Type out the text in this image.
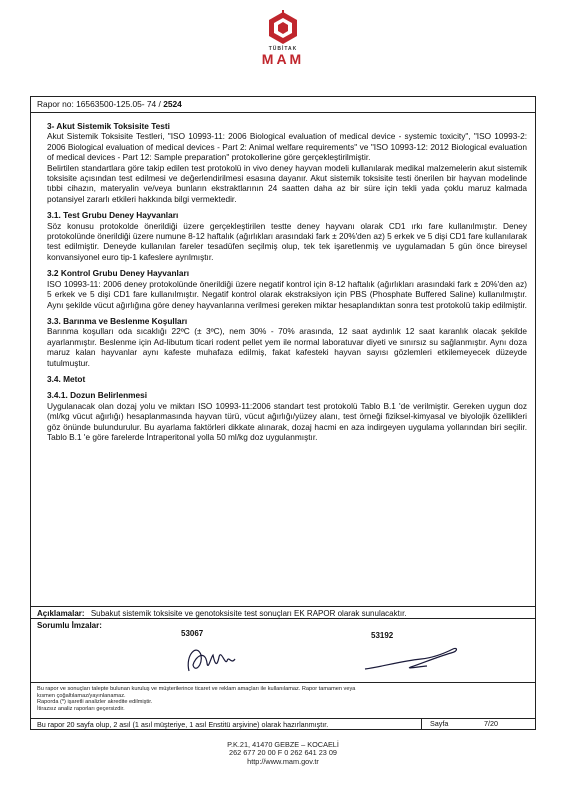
TÜBİTAK
MAM
Rapor no: 16563500-125.05- 74 / 2524
3- Akut Sistemik Toksisite Testi
Akut Sistemik Toksisite Testleri, "ISO 10993-11: 2006 Biological evaluation of medical device - systemic toxicity", "ISO 10993-2: 2006 Biological evaluation of medical devices - Part 2: Animal welfare requirements" ve "ISO 10993-12: 2012 Biological evaluation of medical devices - Part 12: Sample preparation" protokollerine göre gerçekleştirilmiştir.
Belirtilen standartlara göre takip edilen test protokolü in vivo deney hayvan modeli kullanılarak medikal malzemelerin akut sistemik toksisite açısından test edilmesi ve değerlendirilmesi esasına dayanır. Akut sistemik toksisite testi önerilen bir hayvan modelinde tıbbi cihazın, materyalin ve/veya bunların ekstraktlarının 24 saatten daha az bir süre için tekli yada çoklu maruz kalmada potansiyel zararlı etkileri hakkında bilgi vermektedir.
3.1. Test Grubu Deney Hayvanları
Söz konusu protokolde önerildiği üzere gerçekleştirilen testte deney hayvanı olarak CD1 ırkı fare kullanılmıştır. Deney protokolünde önerildiği üzere numune 8-12 haftalık (ağırlıkları arasındaki fark ± 20%'den az) 5 erkek ve 5 dişi CD1 fare kullanılarak test edilmiştir. Deneyde kullanılan fareler tesadüfen seçilmiş olup, tek tek işaretlenmiş ve uygulamadan 5 gün önce bireysel konvansiyonel euro tip-1 kafeslere ayrılmıştır.
3.2 Kontrol Grubu Deney Hayvanları
ISO 10993-11: 2006 deney protokolünde önerildiği üzere negatif kontrol için 8-12 haftalık (ağırlıkları arasındaki fark ± 20%'den az) 5 erkek ve 5 dişi CD1 fare kullanılmıştır. Negatif kontrol olarak ekstraksiyon için PBS (Phosphate Buffered Saline) kullanılmıştır. Aynı şekilde vücut ağırlığına göre deney hayvanlarına verilmesi gereken miktar hesaplandıktan sonra test protokolü takip edilmiştir.
3.3. Barınma ve Beslenme Koşulları
Barınma koşulları oda sıcaklığı 22ºC (± 3ºC), nem 30% - 70% arasında, 12 saat aydınlık 12 saat karanlık olacak şekilde ayarlanmıştır. Beslenme için Ad-libutum ticari rodent pellet yem ile normal laboratuvar diyeti ve sınırsız su sağlanmıştır. Aynı doza maruz kalan hayvanlar aynı kafeste muhafaza edilmiş, fakat kafesteki hayvan sayısı gözlemleri etkilemeyecek düzeyde tutulmuştur.
3.4. Metot
3.4.1. Dozun Belirlenmesi
Uygulanacak olan dozaj yolu ve miktarı ISO 10993-11:2006 standart test protokolü Tablo B.1 'de verilmiştir. Gereken uygun doz (ml/kg vücut ağırlığı) hesaplanmasında hayvan türü, vücut ağırlığı/yüzey alanı, test örneği fiziksel-kimyasal ve biyolojik özellikleri göz önünde bulundurulur. Bu ayarlama faktörleri dikkate alınarak, dozaj hacmi en aza indirgeyen uygulama yollarından biri seçilir. Tablo B.1 'e göre farelerde İntraperitonal yolla 50 ml/kg doz uygulanmıştır.
Açıklamalar: Subakut sistemik toksisite ve genotoksisite test sonuçları EK RAPOR olarak sunulacaktır.
Sorumlu İmzalar:
53067	53192
Bu rapor ve sonuçları talepte bulunan kuruluş ve müşterilerince ticaret ve reklam amaçları ile kullanılamaz. Rapor tamamen veya
kısmen çoğaltılamaz/yayınlanamaz.
Raporda (*) işaretli analizler akredite edilmiştir.
İtirazsız analiz raporları geçersizdir.
Bu rapor 20 sayfa olup, 2 asıl (1 asıl müşteriye, 1 asıl Enstitü arşivine) olarak hazırlanmıştır.	Sayfa	7/20
P.K.21, 41470 GEBZE – KOCAELİ
262 677 20 00 F 0 262 641 23 09
http://www.mam.gov.tr
